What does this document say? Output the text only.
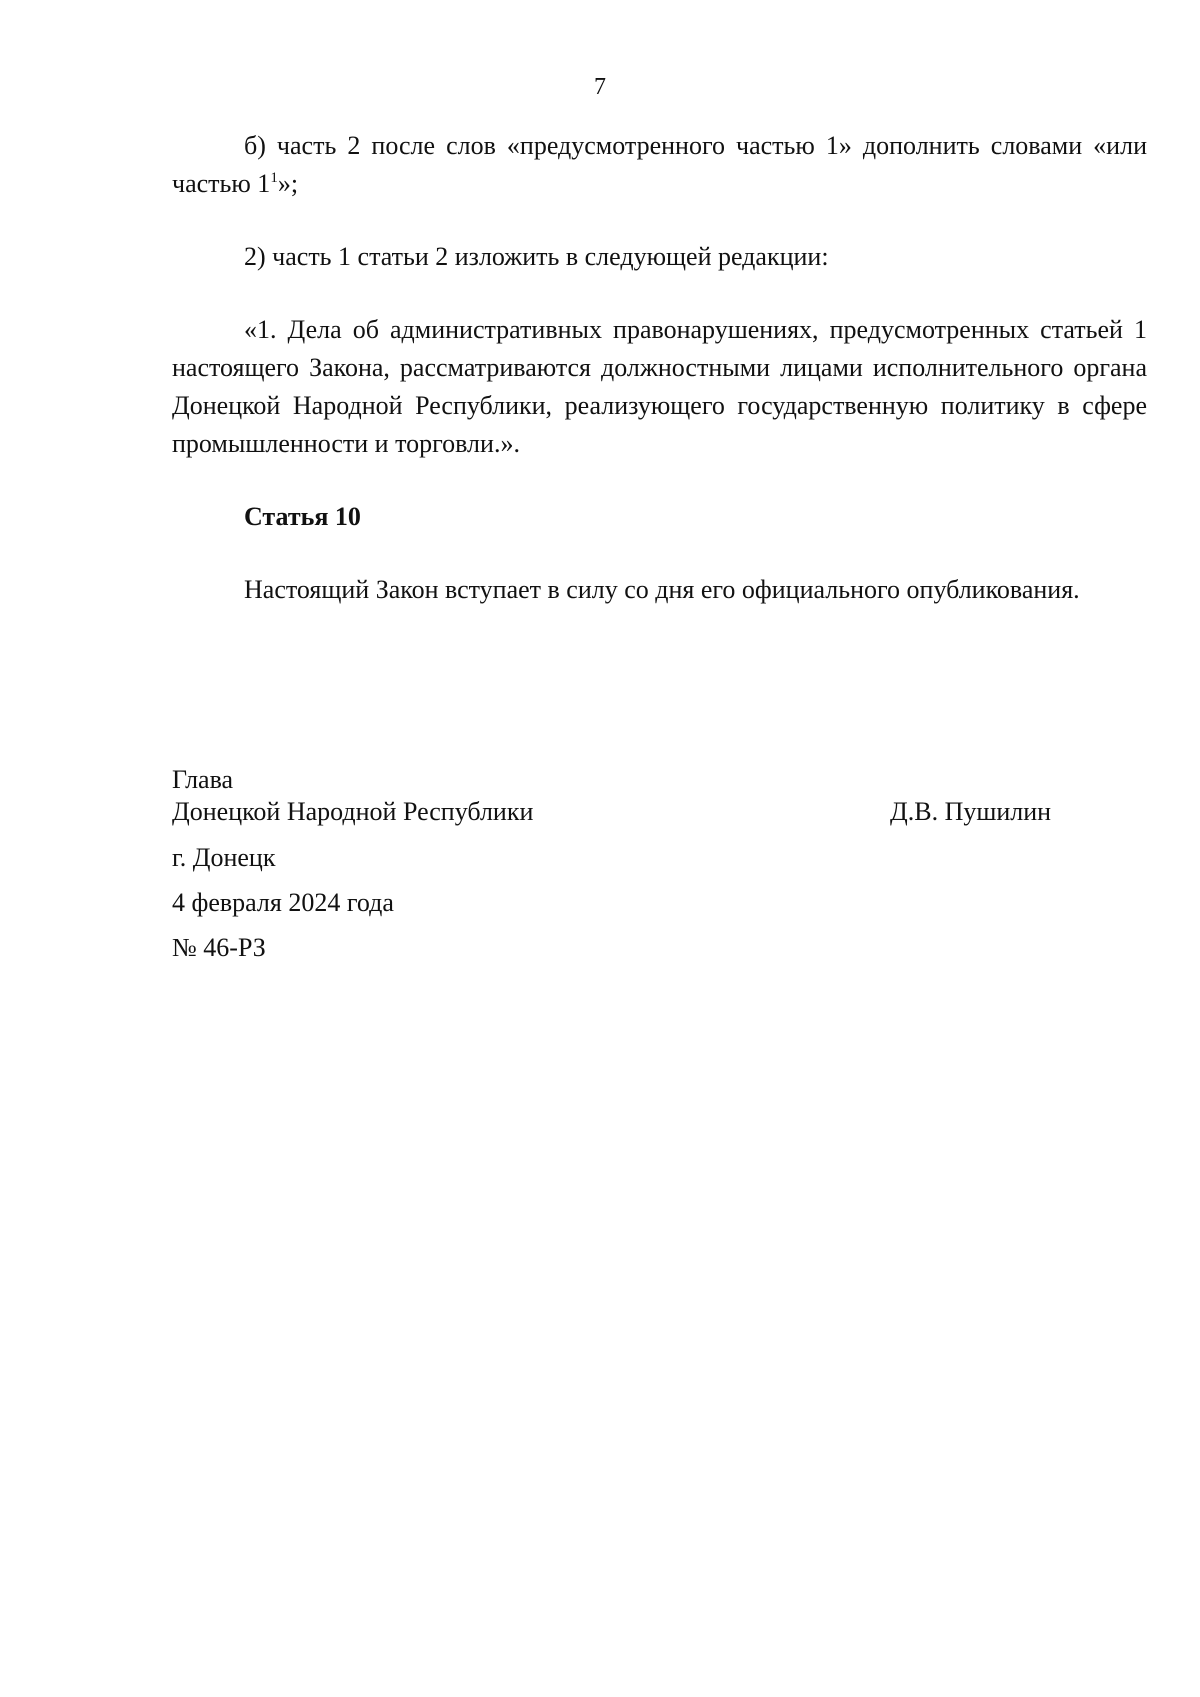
7

б) часть 2 после слов «предусмотренного частью 1» дополнить словами «или частью $1^1$»;

2) часть 1 статьи 2 изложить в следующей редакции:

«1. Дела об административных правонарушениях, предусмотренных статьей 1 настоящего Закона, рассматриваются должностными лицами исполнительного органа Донецкой Народной Республики, реализующего государственную политику в сфере промышленности и торговли.».

Статья 10

Настоящий Закон вступает в силу со дня его официального опубликования.

Глава

Донецкой Народной Республики	Д.В. Пушилин

г. Донецк

4 февраля 2024 года

№ 46-РЗ
